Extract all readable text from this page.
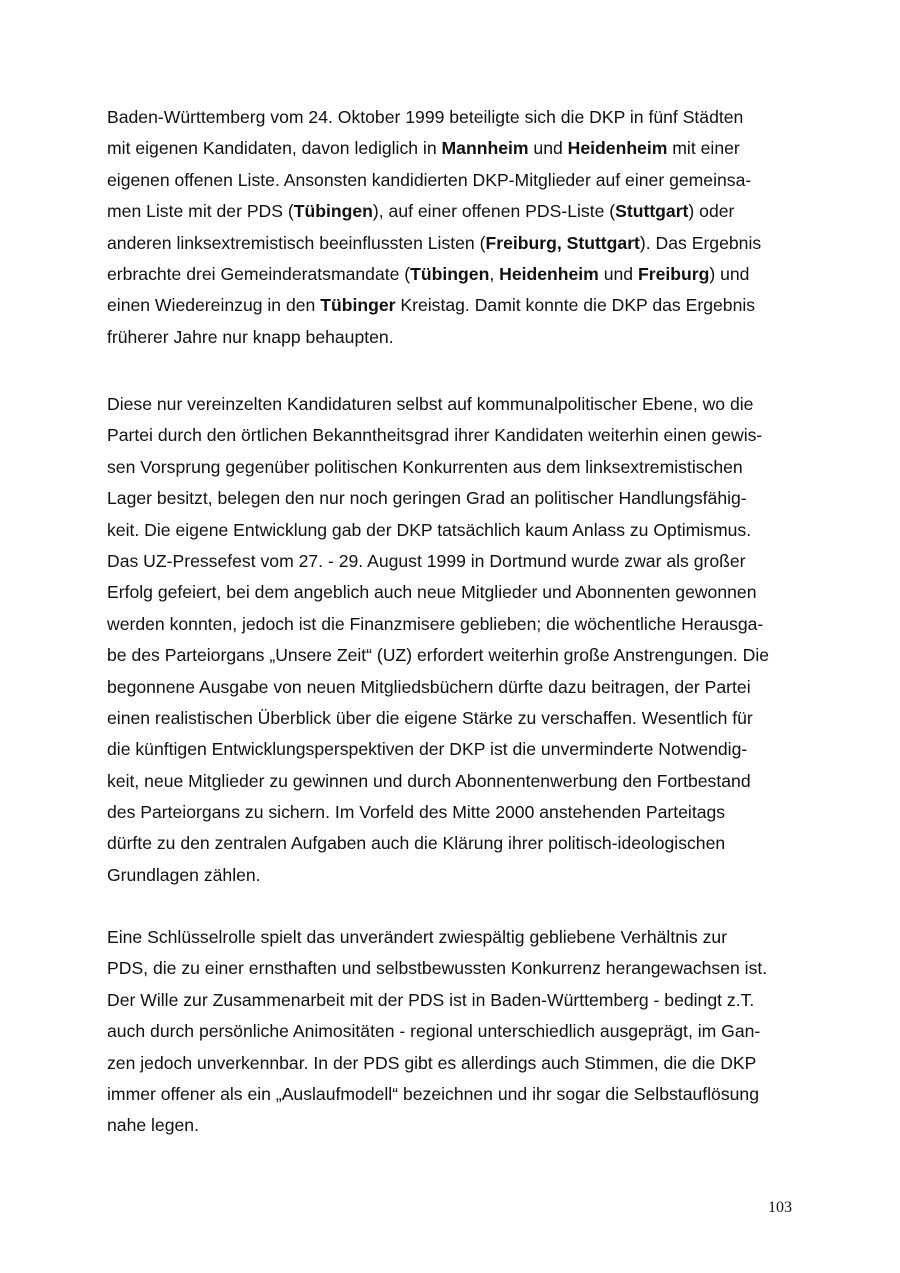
Baden-Württemberg vom 24. Oktober 1999 beteiligte sich die DKP in fünf Städten
mit eigenen Kandidaten, davon lediglich in Mannheim und Heidenheim mit einer
eigenen offenen Liste. Ansonsten kandidierten DKP-Mitglieder auf einer gemeinsa-
men Liste mit der PDS (Tübingen), auf einer offenen PDS-Liste (Stuttgart) oder
anderen linksextremistisch beeinflussten Listen (Freiburg, Stuttgart). Das Ergebnis
erbrachte drei Gemeinderatsmandate (Tübingen, Heidenheim und Freiburg) und
einen Wiedereinzug in den Tübinger Kreistag. Damit konnte die DKP das Ergebnis
früherer Jahre nur knapp behaupten.
Diese nur vereinzelten Kandidaturen selbst auf kommunalpolitischer Ebene, wo die
Partei durch den örtlichen Bekanntheitsgrad ihrer Kandidaten weiterhin einen gewis-
sen Vorsprung gegenüber politischen Konkurrenten aus dem linksextremistischen
Lager besitzt, belegen den nur noch geringen Grad an politischer Handlungsfähig-
keit. Die eigene Entwicklung gab der DKP tatsächlich kaum Anlass zu Optimismus.
Das UZ-Pressefest vom 27. - 29. August 1999 in Dortmund wurde zwar als großer
Erfolg gefeiert, bei dem angeblich auch neue Mitglieder und Abonnenten gewonnen
werden konnten, jedoch ist die Finanzmisere geblieben; die wöchentliche Herausga-
be des Parteiorgans „Unsere Zeit“ (UZ) erfordert weiterhin große Anstrengungen. Die
begonnene Ausgabe von neuen Mitgliedsbüchern dürfte dazu beitragen, der Partei
einen realistischen Überblick über die eigene Stärke zu verschaffen. Wesentlich für
die künftigen Entwicklungsperspektiven der DKP ist die unverminderte Notwendig-
keit, neue Mitglieder zu gewinnen und durch Abonnentenwerbung den Fortbestand
des Parteiorgans zu sichern. Im Vorfeld des Mitte 2000 anstehenden Parteitags
dürfte zu den zentralen Aufgaben auch die Klärung ihrer politisch-ideologischen
Grundlagen zählen.
Eine Schlüsselrolle spielt das unverändert zwiespältig gebliebene Verhältnis zur
PDS, die zu einer ernsthaften und selbstbewussten Konkurrenz herangewachsen ist.
Der Wille zur Zusammenarbeit mit der PDS ist in Baden-Württemberg - bedingt z.T.
auch durch persönliche Animositäten - regional unterschiedlich ausgeprägt, im Gan-
zen jedoch unverkennbar. In der PDS gibt es allerdings auch Stimmen, die die DKP
immer offener als ein „Auslaufmodell“ bezeichnen und ihr sogar die Selbstauflösung
nahe legen.
103
